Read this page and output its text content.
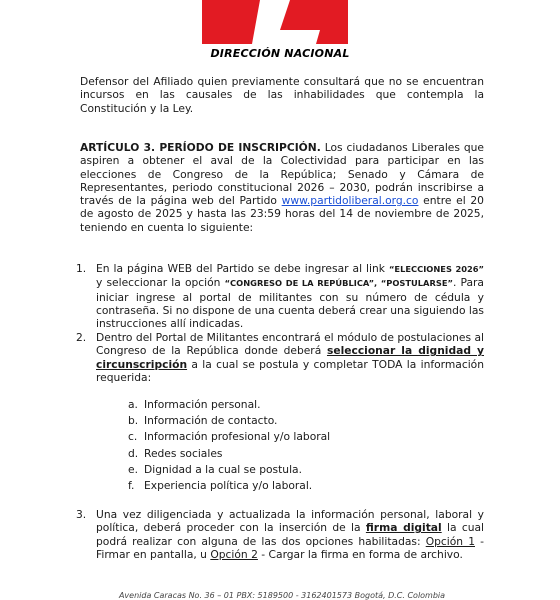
DIRECCIÓN NACIONAL

Defensor del Afiliado quien previamente consultará que no se encuentran incursos en las causales de las inhabilidades que contempla la Constitución y la Ley.

ARTÍCULO 3. PERÍODO DE INSCRIPCIÓN. Los ciudadanos Liberales que aspiren a obtener el aval de la Colectividad para participar en las elecciones de Congreso de la República; Senado y Cámara de Representantes, periodo constitucional 2026 – 2030, podrán inscribirse a través de la página web del Partido www.partidoliberal.org.co entre el 20 de agosto de 2025 y hasta las 23:59 horas del 14 de noviembre de 2025, teniendo en cuenta lo siguiente:

1. En la página WEB del Partido se debe ingresar al link “ELECCIONES 2026” y seleccionar la opción “CONGRESO DE LA REPÚBLICA”, “POSTULARSE”. Para iniciar ingrese al portal de militantes con su número de cédula y contraseña. Si no dispone de una cuenta deberá crear una siguiendo las instrucciones allí indicadas.

2. Dentro del Portal de Militantes encontrará el módulo de postulaciones al Congreso de la República donde deberá seleccionar la dignidad y circunscripción a la cual se postula y completar TODA la información requerida:

a. Información personal.
b. Información de contacto.
c. Información profesional y/o laboral
d. Redes sociales
e. Dignidad a la cual se postula.
f. Experiencia política y/o laboral.
3. Una vez diligenciada y actualizada la información personal, laboral y política, deberá proceder con la inserción de la firma digital la cual podrá realizar con alguna de las dos opciones habilitadas: Opción 1 - Firmar en pantalla, u Opción 2 - Cargar la firma en forma de archivo.

Avenida Caracas No. 36 – 01 PBX: 5189500 - 3162401573 Bogotá, D.C. Colombia
